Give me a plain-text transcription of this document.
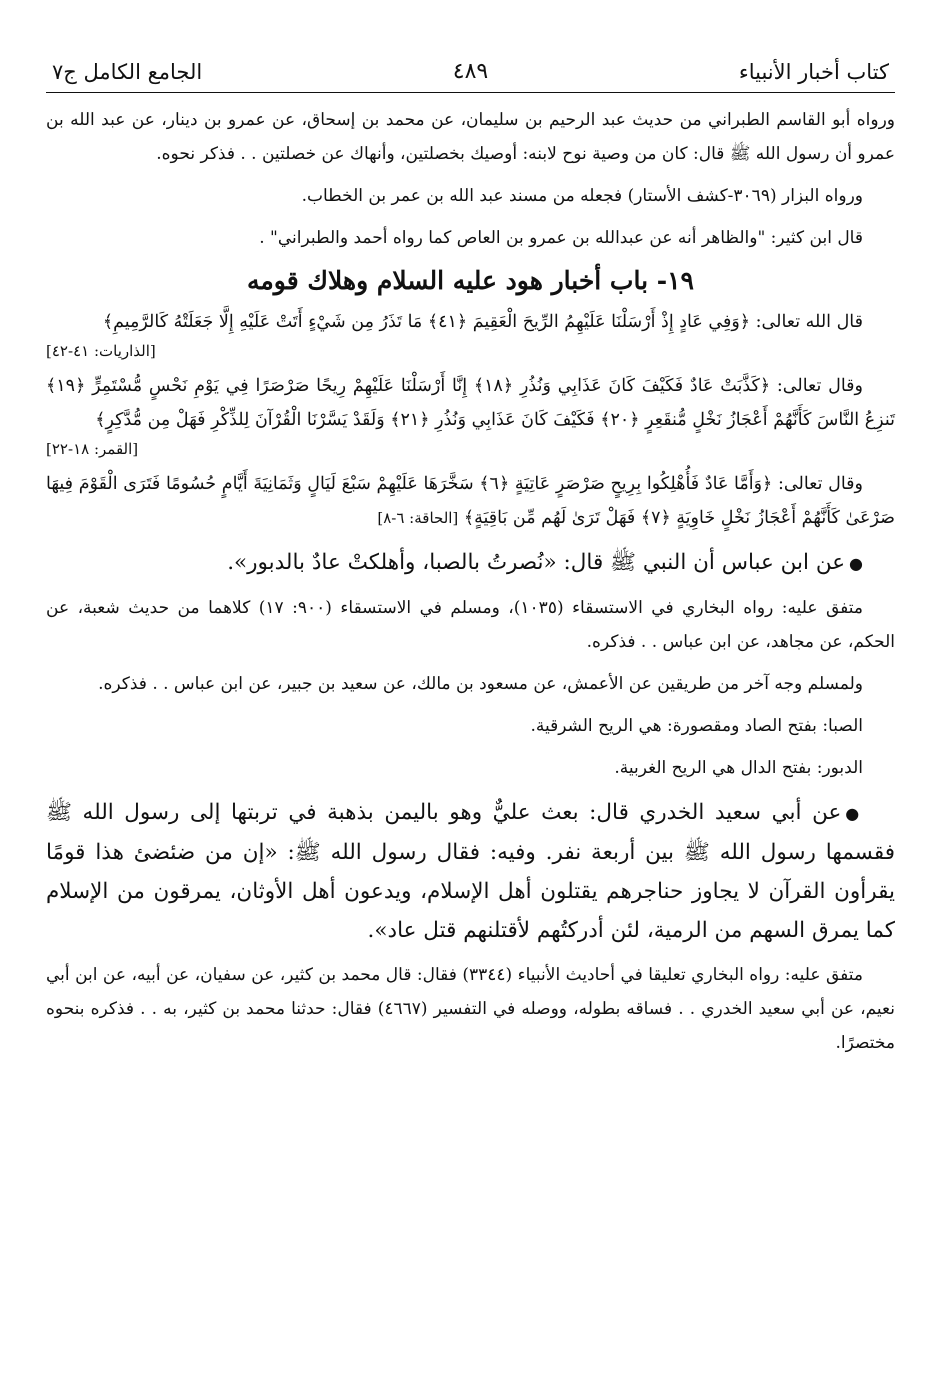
كتاب أخبار الأنبياء
٤٨٩
الجامع الكامل ج٧

ورواه أبو القاسم الطبراني من حديث عبد الرحيم بن سليمان، عن محمد بن إسحاق، عن عمرو بن دينار، عن عبد الله بن عمرو أن رسول الله ﷺ قال: كان من وصية نوح لابنه: أوصيك بخصلتين، وأنهاك عن خصلتين . . فذكر نحوه.

ورواه البزار (٣٠٦٩-كشف الأستار) فجعله من مسند عبد الله بن عمر بن الخطاب.

قال ابن كثير: "والظاهر أنه عن عبدالله بن عمرو بن العاص كما رواه أحمد والطبراني" .

١٩- باب أخبار هود عليه السلام وهلاك قومه

قال الله تعالى: ﴿وَفِي عَادٍ إِذْ أَرْسَلْنَا عَلَيْهِمُ الرِّيحَ الْعَقِيمَ ﴿٤١﴾ مَا تَذَرُ مِن شَيْءٍ أَتَتْ عَلَيْهِ إِلَّا جَعَلَتْهُ كَالرَّمِيمِ﴾

[الذاريات: ٤١-٤٢]

وقال تعالى: ﴿كَذَّبَتْ عَادٌ فَكَيْفَ كَانَ عَذَابِي وَنُذُرِ ﴿١٨﴾ إِنَّا أَرْسَلْنَا عَلَيْهِمْ رِيحًا صَرْصَرًا فِي يَوْمِ نَحْسٍ مُّسْتَمِرٍّ ﴿١٩﴾ تَنزِعُ النَّاسَ كَأَنَّهُمْ أَعْجَازُ نَخْلٍ مُّنقَعِرٍ ﴿٢٠﴾ فَكَيْفَ كَانَ عَذَابِي وَنُذُرِ ﴿٢١﴾ وَلَقَدْ يَسَّرْنَا الْقُرْآنَ لِلذِّكْرِ فَهَلْ مِن مُّدَّكِرٍ﴾

[القمر: ١٨-٢٢]

وقال تعالى: ﴿وَأَمَّا عَادٌ فَأُهْلِكُوا بِرِيحٍ صَرْصَرٍ عَاتِيَةٍ ﴿٦﴾ سَخَّرَهَا عَلَيْهِمْ سَبْعَ لَيَالٍ وَثَمَانِيَةَ أَيَّامٍ حُسُومًا فَتَرَى الْقَوْمَ فِيهَا صَرْعَىٰ كَأَنَّهُمْ أَعْجَازُ نَخْلٍ خَاوِيَةٍ ﴿٧﴾ فَهَلْ تَرَىٰ لَهُم مِّن بَاقِيَةٍ﴾ [الحاقة: ٦-٨]

●عن ابن عباس أن النبي ﷺ قال: «نُصرتُ بالصبا، وأهلكتْ عادٌ بالدبور».

متفق عليه: رواه البخاري في الاستسقاء (١٠٣٥)، ومسلم في الاستسقاء (٩٠٠: ١٧) كلاهما من حديث شعبة، عن الحكم، عن مجاهد، عن ابن عباس . . فذكره.

ولمسلم وجه آخر من طريقين عن الأعمش، عن مسعود بن مالك، عن سعيد بن جبير، عن ابن عباس . . فذكره.

الصبا: بفتح الصاد ومقصورة: هي الريح الشرقية.

الدبور: بفتح الدال هي الريح الغربية.

●عن أبي سعيد الخدري قال: بعث عليٌّ وهو باليمن بذهبة في تربتها إلى رسول الله ﷺ فقسمها رسول الله ﷺ بين أربعة نفر. وفيه: فقال رسول الله ﷺ: «إن من ضئضئ هذا قومًا يقرأون القرآن لا يجاوز حناجرهم يقتلون أهل الإسلام، ويدعون أهل الأوثان، يمرقون من الإسلام كما يمرق السهم من الرمية، لئن أدركتُهم لأقتلنهم قتل عاد».

متفق عليه: رواه البخاري تعليقا في أحاديث الأنبياء (٣٣٤٤) فقال: قال محمد بن كثير، عن سفيان، عن أبيه، عن ابن أبي نعيم، عن أبي سعيد الخدري . . فساقه بطوله، ووصله في التفسير (٤٦٦٧) فقال: حدثنا محمد بن كثير، به . . فذكره بنحوه مختصرًا.
